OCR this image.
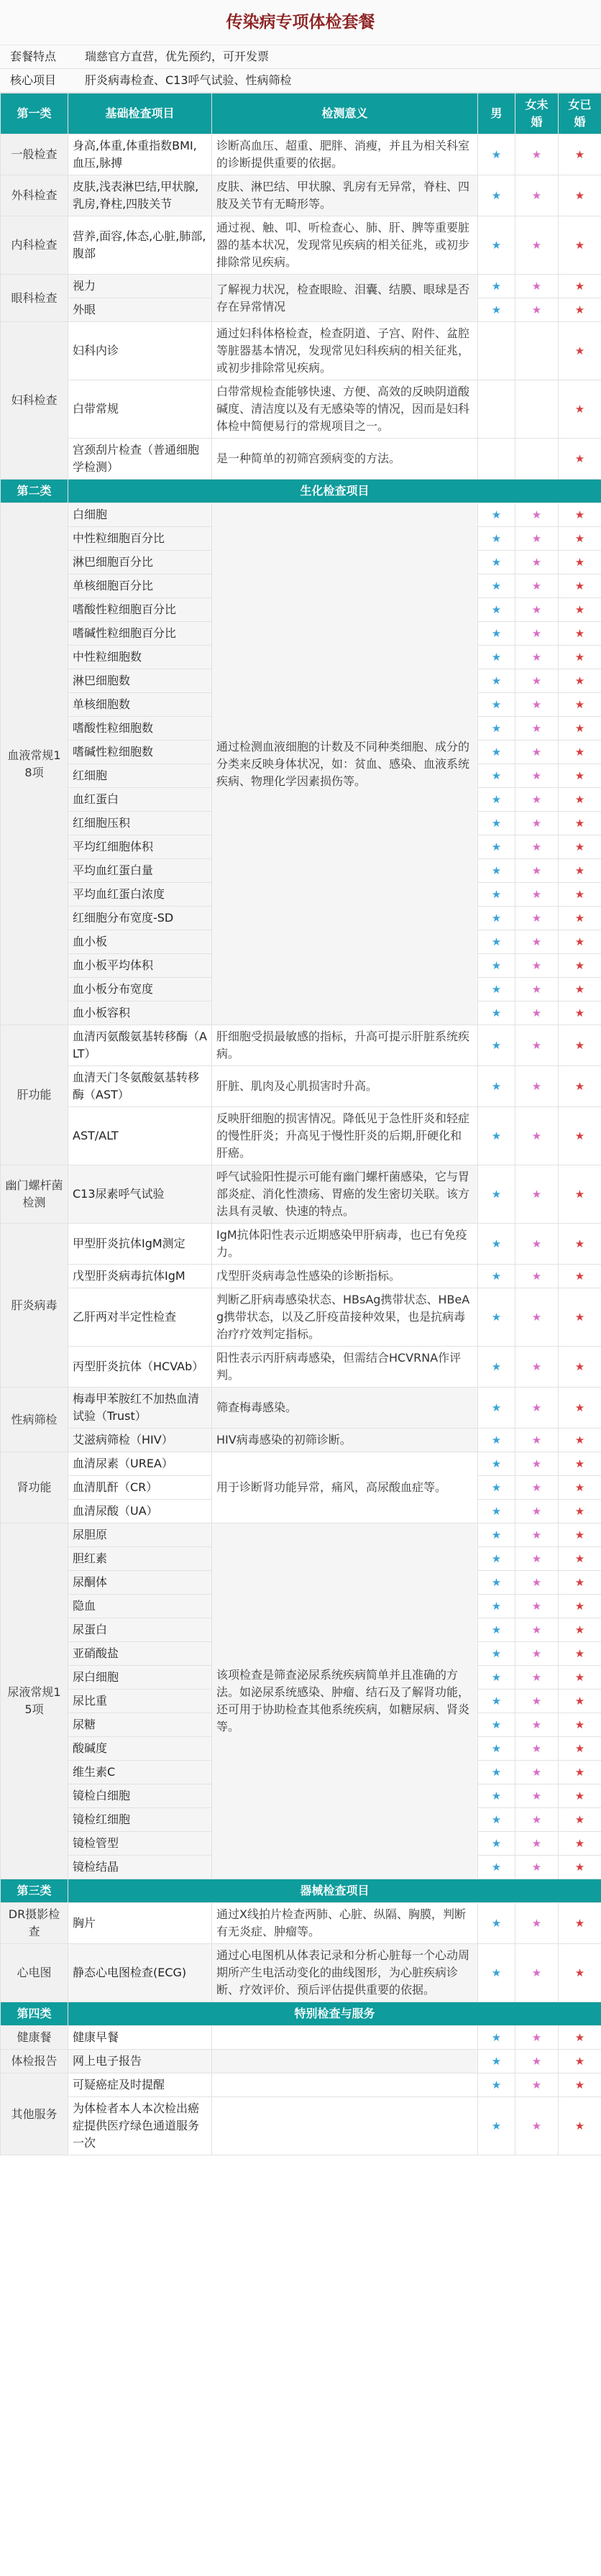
传染病专项体检套餐
套餐特点	瑞慈官方直营，优先预约，可开发票
核心项目	肝炎病毒检查、C13呼气试验、性病筛检
第一类	基础检查项目	检测意义	男	女未婚	女已婚
一般检查	身高,体重,体重指数BMI,血压,脉搏	诊断高血压、超重、肥胖、消瘦，并且为相关科室的诊断提供重要的依据。	★	★	★
外科检查	皮肤,浅表淋巴结,甲状腺,乳房,脊柱,四肢关节	皮肤、淋巴结、甲状腺、乳房有无异常，脊柱、四肢及关节有无畸形等。	★	★	★
内科检查	营养,面容,体态,心脏,肺部,腹部	通过视、触、叩、听检查心、肺、肝、脾等重要脏器的基本状况，发现常见疾病的相关征兆，或初步排除常见疾病。	★	★	★
眼科检查	视力	了解视力状况，检查眼睑、泪囊、结膜、眼球是否存在异常情况	★	★	★
	外眼		★	★	★
妇科检查	妇科内诊	通过妇科体格检查，检查阴道、子宫、附件、盆腔等脏器基本情况，发现常见妇科疾病的相关征兆，或初步排除常见疾病。			★
	白带常规	白带常规检查能够快速、方便、高效的反映阴道酸碱度、清洁度以及有无感染等的情况，因而是妇科体检中简便易行的常规项目之一。			★
	宫颈刮片检查（普通细胞学检测）	是一种简单的初筛宫颈病变的方法。			★
第二类	生化检查项目				
血液常规18项	白细胞	通过检测血液细胞的计数及不同种类细胞、成分的分类来反映身体状况，如：贫血、感染、血液系统疾病、物理化学因素损伤等。	★	★	★
	中性粒细胞百分比		★	★	★
	淋巴细胞百分比		★	★	★
	单核细胞百分比		★	★	★
	嗜酸性粒细胞百分比		★	★	★
	嗜碱性粒细胞百分比		★	★	★
	中性粒细胞数		★	★	★
	淋巴细胞数		★	★	★
	单核细胞数		★	★	★
	嗜酸性粒细胞数		★	★	★
	嗜碱性粒细胞数		★	★	★
	红细胞		★	★	★
	血红蛋白		★	★	★
	红细胞压积		★	★	★
	平均红细胞体积		★	★	★
	平均血红蛋白量		★	★	★
	平均血红蛋白浓度		★	★	★
	红细胞分布宽度-SD		★	★	★
	血小板		★	★	★
	血小板平均体积		★	★	★
	血小板分布宽度		★	★	★
	血小板容积		★	★	★
肝功能	血清丙氨酸氨基转移酶（ALT）	肝细胞受损最敏感的指标，升高可提示肝脏系统疾病。	★	★	★
	血清天门冬氨酸氨基转移酶（AST）	肝脏、肌肉及心肌损害时升高。	★	★	★
	AST/ALT	反映肝细胞的损害情况。降低见于急性肝炎和轻症的慢性肝炎；升高见于慢性肝炎的后期,肝硬化和肝癌。	★	★	★
幽门螺杆菌检测	C13尿素呼气试验	呼气试验阳性提示可能有幽门螺杆菌感染，它与胃部炎症、消化性溃疡、胃癌的发生密切关联。该方法具有灵敏、快速的特点。	★	★	★
肝炎病毒	甲型肝炎抗体IgM测定	IgM抗体阳性表示近期感染甲肝病毒，也已有免疫力。	★	★	★
	戊型肝炎病毒抗体IgM	戊型肝炎病毒急性感染的诊断指标。	★	★	★
	乙肝两对半定性检查	判断乙肝病毒感染状态、HBsAg携带状态、HBeAg携带状态，以及乙肝疫苗接种效果，也是抗病毒治疗疗效判定指标。	★	★	★
	丙型肝炎抗体（HCVAb）	阳性表示丙肝病毒感染，但需结合HCVRNA作评判。	★	★	★
性病筛检	梅毒甲苯胺红不加热血清试验（Trust）	筛查梅毒感染。	★	★	★
	艾滋病筛检（HIV）	HIV病毒感染的初筛诊断。	★	★	★
肾功能	血清尿素（UREA）	用于诊断肾功能异常，痛风，高尿酸血症等。	★	★	★
	血清肌酐（CR）		★	★	★
	血清尿酸（UA）		★	★	★
尿液常规15项	尿胆原	该项检查是筛查泌尿系统疾病简单并且准确的方法。如泌尿系统感染、肿瘤、结石及了解肾功能，还可用于协助检查其他系统疾病，如糖尿病、肾炎等。	★	★	★
	胆红素		★	★	★
	尿酮体		★	★	★
	隐血		★	★	★
	尿蛋白		★	★	★
	亚硝酸盐		★	★	★
	尿白细胞		★	★	★
	尿比重		★	★	★
	尿糖		★	★	★
	酸碱度		★	★	★
	维生素C		★	★	★
	镜检白细胞		★	★	★
	镜检红细胞		★	★	★
	镜检管型		★	★	★
	镜检结晶		★	★	★
第三类	器械检查项目				
DR摄影检查	胸片	通过X线拍片检查两肺、心脏、纵隔、胸膜，判断有无炎症、肿瘤等。	★	★	★
心电图	静态心电图检查(ECG)	通过心电图机从体表记录和分析心脏每一个心动周期所产生电活动变化的曲线图形，为心脏疾病诊断、疗效评价、预后评估提供重要的依据。	★	★	★
第四类	特别检查与服务				
健康餐	健康早餐		★	★	★
体检报告	网上电子报告		★	★	★
其他服务	可疑癌症及时提醒		★	★	★
	为体检者本人本次检出癌症提供医疗绿色通道服务一次		★	★	★
